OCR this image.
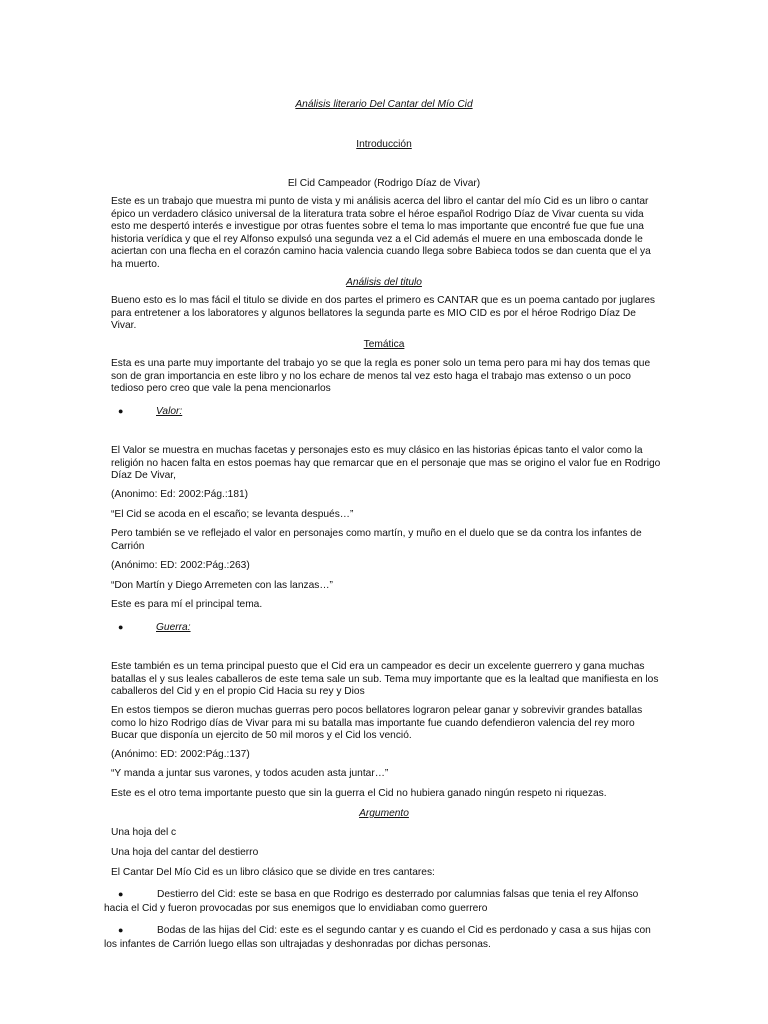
Análisis literario Del Cantar del Mío Cid
Introducción
El Cid Campeador (Rodrigo Díaz de Vivar)
Este es un trabajo que muestra mi punto de vista y mi análisis acerca del libro el cantar del mío Cid es un libro o cantar
épico un verdadero clásico universal de la literatura trata sobre el héroe español Rodrigo Díaz de Vivar cuenta su vida
esto me despertó interés e investigue por otras fuentes sobre el tema lo mas importante que encontré fue que fue una
historia verídica y que el rey Alfonso expulsó una segunda vez a el Cid además el muere en una emboscada donde le
aciertan con una flecha en el corazón camino hacia valencia cuando llega sobre Babieca todos se dan cuenta que el ya
ha muerto.
Análisis del titulo
Bueno esto es lo mas fácil el titulo se divide en dos partes el primero es CANTAR que es un poema cantado por juglares
para entretener a los laboratores y algunos bellatores la segunda parte es MIO CID es por el héroe Rodrigo Díaz De
Vivar.
Temática
Esta es una parte muy importante del trabajo yo se que la regla es poner solo un tema pero para mi hay dos temas que
son de gran importancia en este libro y no los echare de menos tal vez esto haga el trabajo mas extenso o un poco
tedioso pero creo que vale la pena mencionarlos
●	Valor:
El Valor se muestra en muchas facetas y personajes esto es muy clásico en las historias épicas tanto el valor como la
religión no hacen falta en estos poemas hay que remarcar que en el personaje que mas se origino el valor fue en Rodrigo
Díaz De Vivar,
(Anonimo: Ed: 2002:Pág.:181)
“El Cid se acoda en el escaño; se levanta después…”
Pero también se ve reflejado el valor en personajes como martín, y muño en el duelo que se da contra los infantes de
Carrión
(Anónimo: ED: 2002:Pág.:263)
“Don Martín y Diego Arremeten con las lanzas…”
Este es para mí el principal tema.
●	Guerra:
Este también es un tema principal puesto que el Cid era un campeador es decir un excelente guerrero y gana muchas
batallas el y sus leales caballeros de este tema sale un sub. Tema muy importante que es la lealtad que manifiesta en los
caballeros del Cid y en el propio Cid Hacia su rey y Dios
En estos tiempos se dieron muchas guerras pero pocos bellatores lograron pelear ganar y sobrevivir grandes batallas
como lo hizo Rodrigo días de Vivar para mi su batalla mas importante fue cuando defendieron valencia del rey moro
Bucar que disponía un ejercito de 50 mil moros y el Cid los venció.
(Anónimo: ED: 2002:Pág.:137)
“Y manda a juntar sus varones, y todos acuden asta juntar…”
Este es el otro tema importante puesto que sin la guerra el Cid no hubiera ganado ningún respeto ni riquezas.
Argumento
Una hoja del c
Una hoja del cantar del destierro
El Cantar Del Mío Cid es un libro clásico que se divide en tres cantares:
●	Destierro del Cid: este se basa en que Rodrigo es desterrado por calumnias falsas que tenia el rey Alfonso
hacia el Cid y fueron provocadas por sus enemigos que lo envidiaban como guerrero
●	Bodas de las hijas del Cid: este es el segundo cantar y es cuando el Cid es perdonado y casa a sus hijas con
los infantes de Carrión luego ellas son ultrajadas y deshonradas por dichas personas.
